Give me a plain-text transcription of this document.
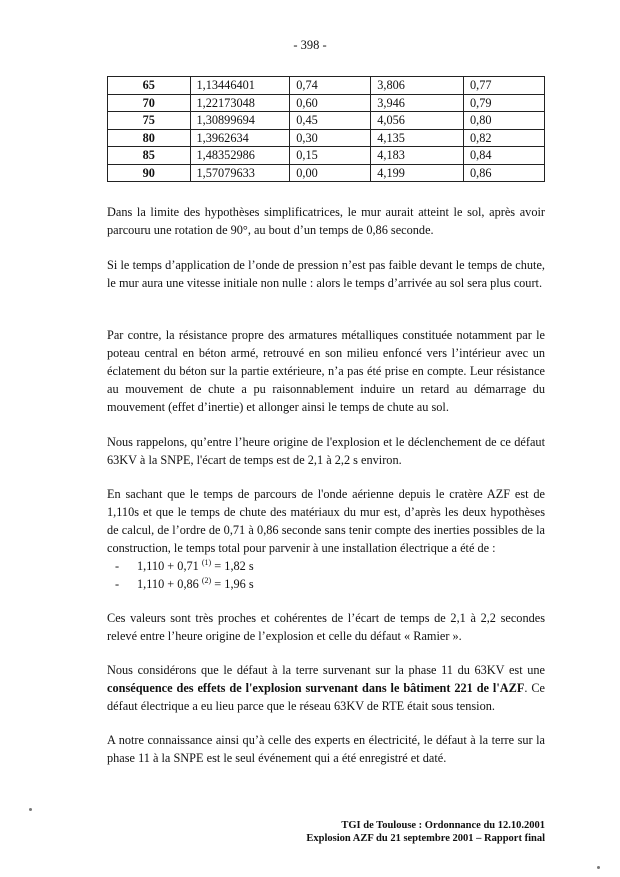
- 398 -
65	1,13446401	0,74	3,806	0,77
70	1,22173048	0,60	3,946	0,79
75	1,30899694	0,45	4,056	0,80
80	1,3962634	0,30	4,135	0,82
85	1,48352986	0,15	4,183	0,84
90	1,57079633	0,00	4,199	0,86

Dans la limite des hypothèses simplificatrices, le mur aurait atteint le sol, après avoir parcouru une rotation de 90°, au bout d’un temps de 0,86 seconde.

Si le temps d’application de l’onde de pression n’est pas faible devant le temps de chute, le mur aura une vitesse initiale non nulle : alors le temps d’arrivée au sol sera plus court.

Par contre, la résistance propre des armatures métalliques constituée notamment par le poteau central en béton armé, retrouvé en son milieu enfoncé vers l’intérieur avec un éclatement du béton sur la partie extérieure, n’a pas été prise en compte. Leur résistance au mouvement de chute a pu raisonnablement induire un retard au démarrage du mouvement (effet d’inertie) et allonger ainsi le temps de chute au sol.

Nous rappelons, qu’entre l’heure origine de l'explosion et le déclenchement de ce défaut 63KV à la SNPE, l'écart de temps est de 2,1 à 2,2 s environ.

En sachant que le temps de parcours de l'onde aérienne depuis le cratère AZF est de 1,110s et que le temps de chute des matériaux du mur est, d’après les deux hypothèses de calcul, de l’ordre de 0,71 à 0,86 seconde sans tenir compte des inerties possibles de la construction, le temps total pour parvenir à une installation électrique a été de :

- 1,110 + 0,71 $^{(1)}$ = 1,82 s
- 1,110 + 0,86 $^{(2)}$ = 1,96 s

Ces valeurs sont très proches et cohérentes de l’écart de temps de 2,1 à 2,2 secondes relevé entre l’heure origine de l’explosion et celle du défaut « Ramier ».

Nous considérons que le défaut à la terre survenant sur la phase 11 du 63KV est une conséquence des effets de l'explosion survenant dans le bâtiment 221 de l'AZF. Ce défaut électrique a eu lieu parce que le réseau 63KV de RTE était sous tension.

A notre connaissance ainsi qu’à celle des experts en électricité, le défaut à la terre sur la phase 11 à la SNPE est le seul événement qui a été enregistré et daté.

TGI de Toulouse : Ordonnance du 12.10.2001
Explosion AZF du 21 septembre 2001 – Rapport final
